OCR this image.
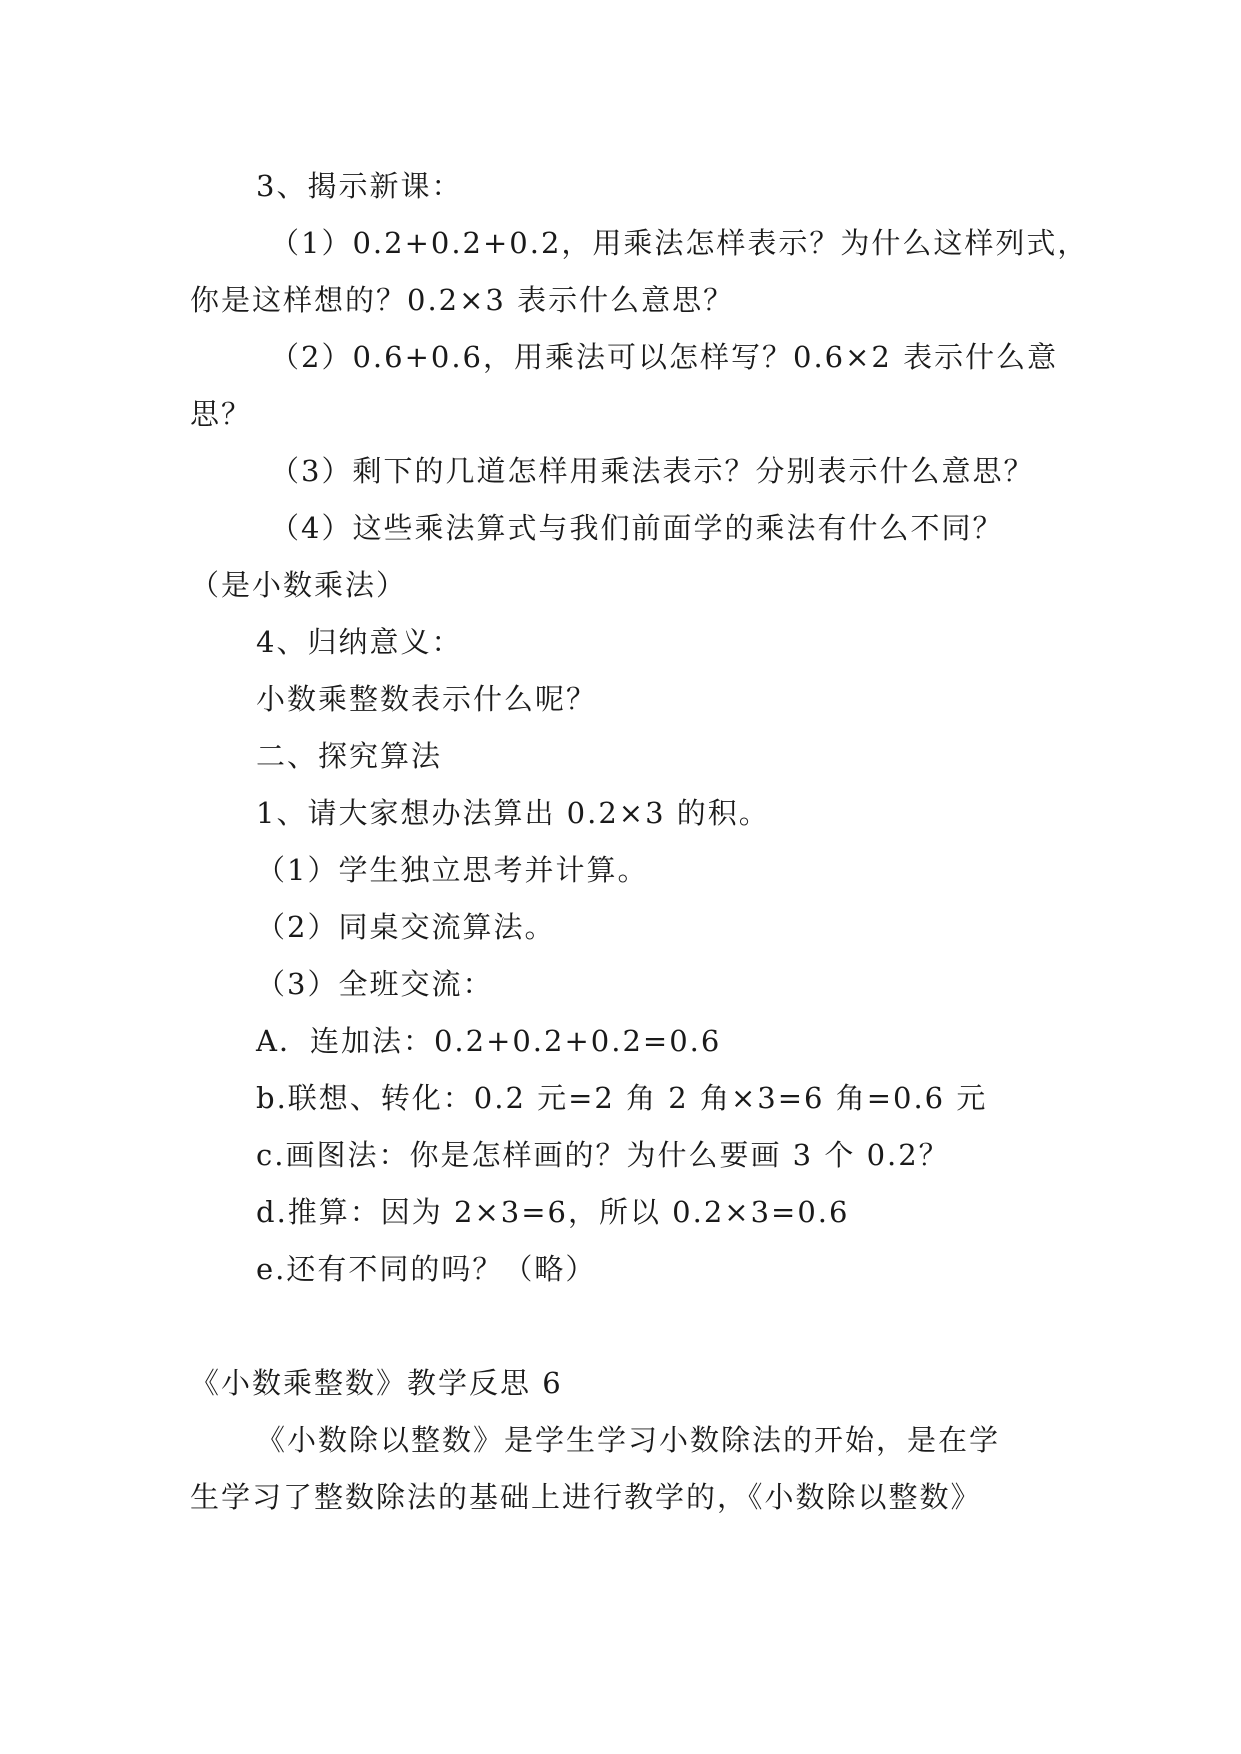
3、揭示新课：
（1）0.2+0.2+0.2，用乘法怎样表示？为什么这样列式，
你是这样想的？0.2×3 表示什么意思？
（2）0.6+0.6，用乘法可以怎样写？0.6×2 表示什么意
思？
（3）剩下的几道怎样用乘法表示？分别表示什么意思？
（4）这些乘法算式与我们前面学的乘法有什么不同？
（是小数乘法）
4、归纳意义：
小数乘整数表示什么呢？
二、探究算法
1、请大家想办法算出 0.2×3 的积。
（1）学生独立思考并计算。
（2）同桌交流算法。
（3）全班交流：
A．连加法：0.2+0.2+0.2=0.6
b.联想、转化：0.2 元=2 角 2 角×3=6 角=0.6 元
c.画图法：你是怎样画的？为什么要画 3 个 0.2？
d.推算：因为 2×3=6，所以 0.2×3=0.6
e.还有不同的吗？（略）
《小数乘整数》教学反思 6
《小数除以整数》是学生学习小数除法的开始，是在学
生学习了整数除法的基础上进行教学的，《小数除以整数》
